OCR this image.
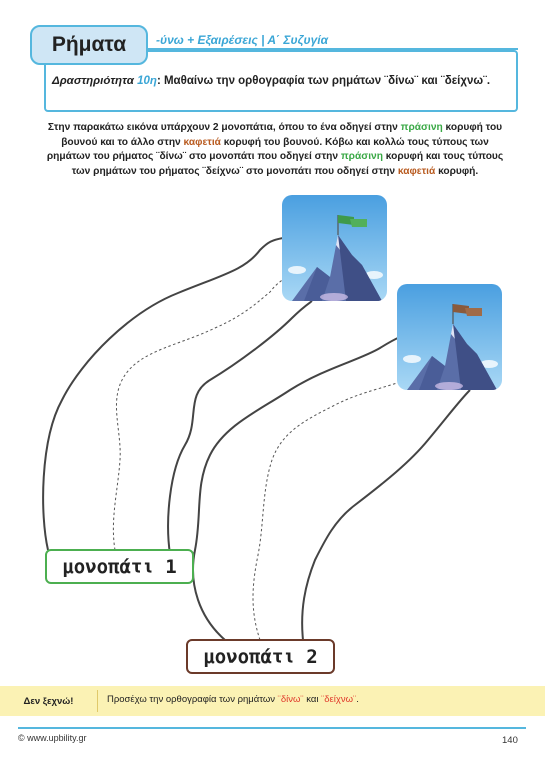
Ρήματα	-ύνω + Εξαιρέσεις | Α΄ Συζυγία
Δραστηριότητα 10η: Μαθαίνω την ορθογραφία των ρημάτων ¨δίνω¨ και ¨δείχνω¨.
Στην παρακάτω εικόνα υπάρχουν 2 μονοπάτια, όπου το ένα οδηγεί στην πράσινη κορυφή του βουνού και το άλλο στην καφετιά κορυφή του βουνού. Κόβω και κολλώ τους τύπους των ρημάτων του ρήματος ¨δίνω¨ στο μονοπάτι που οδηγεί στην πράσινη κορυφή και τους τύπους των ρημάτων του ρήματος ¨δείχνω¨ στο μονοπάτι που οδηγεί στην καφετιά κορυφή.
μονοπάτι 1
μονοπάτι 2
Δεν ξεχνώ!	Προσέχω την ορθογραφία των ρημάτων ¨δίνω¨ και ¨δείχνω¨.
© www.upbility.gr	140
